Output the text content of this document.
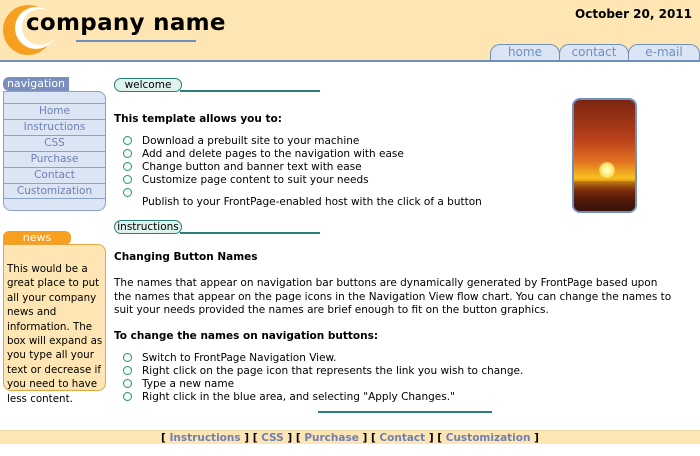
company name	October 20, 2011
home	contact	e-mail
navigation
Home
Instructions
CSS
Purchase
Contact
Customization
news
This would be a great place to put all your company news and information. The box will expand as you type all your text or decrease if you need to have less content.
welcome
This template allows you to:
Download a prebuilt site to your machine
Add and delete pages to the navigation with ease
Change button and banner text with ease
Customize page content to suit your needs
Publish to your FrontPage-enabled host with the click of a button
instructions
Changing Button Names
The names that appear on navigation bar buttons are dynamically generated by FrontPage based upon the names that appear on the page icons in the Navigation View flow chart. You can change the names to suit your needs provided the names are brief enough to fit on the button graphics.
To change the names on navigation buttons:
Switch to FrontPage Navigation View.
Right click on the page icon that represents the link you wish to change.
Type a new name
Right click in the blue area, and selecting "Apply Changes."
[ Instructions ] [ CSS ] [ Purchase ] [ Contact ] [ Customization ]
